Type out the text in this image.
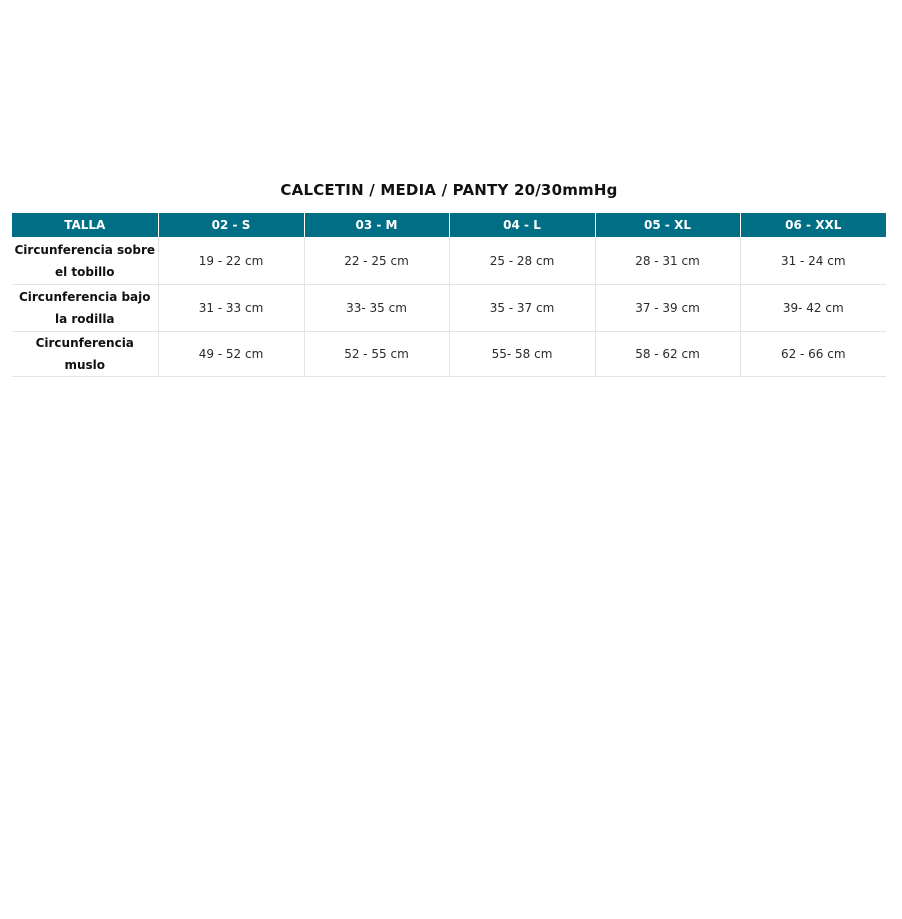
CALCETIN / MEDIA / PANTY 20/30mmHg
TALLA	02 - S	03 - M	04 - L	05 - XL	06 - XXL
Circunferencia sobre el tobillo	19 - 22 cm	22 - 25 cm	25 - 28 cm	28 - 31 cm	31 - 24 cm
Circunferencia bajo la rodilla	31 - 33 cm	33- 35 cm	35 - 37 cm	37 - 39 cm	39- 42 cm
Circunferencia muslo	49 - 52 cm	52 - 55 cm	55- 58 cm	58 - 62 cm	62 - 66 cm
